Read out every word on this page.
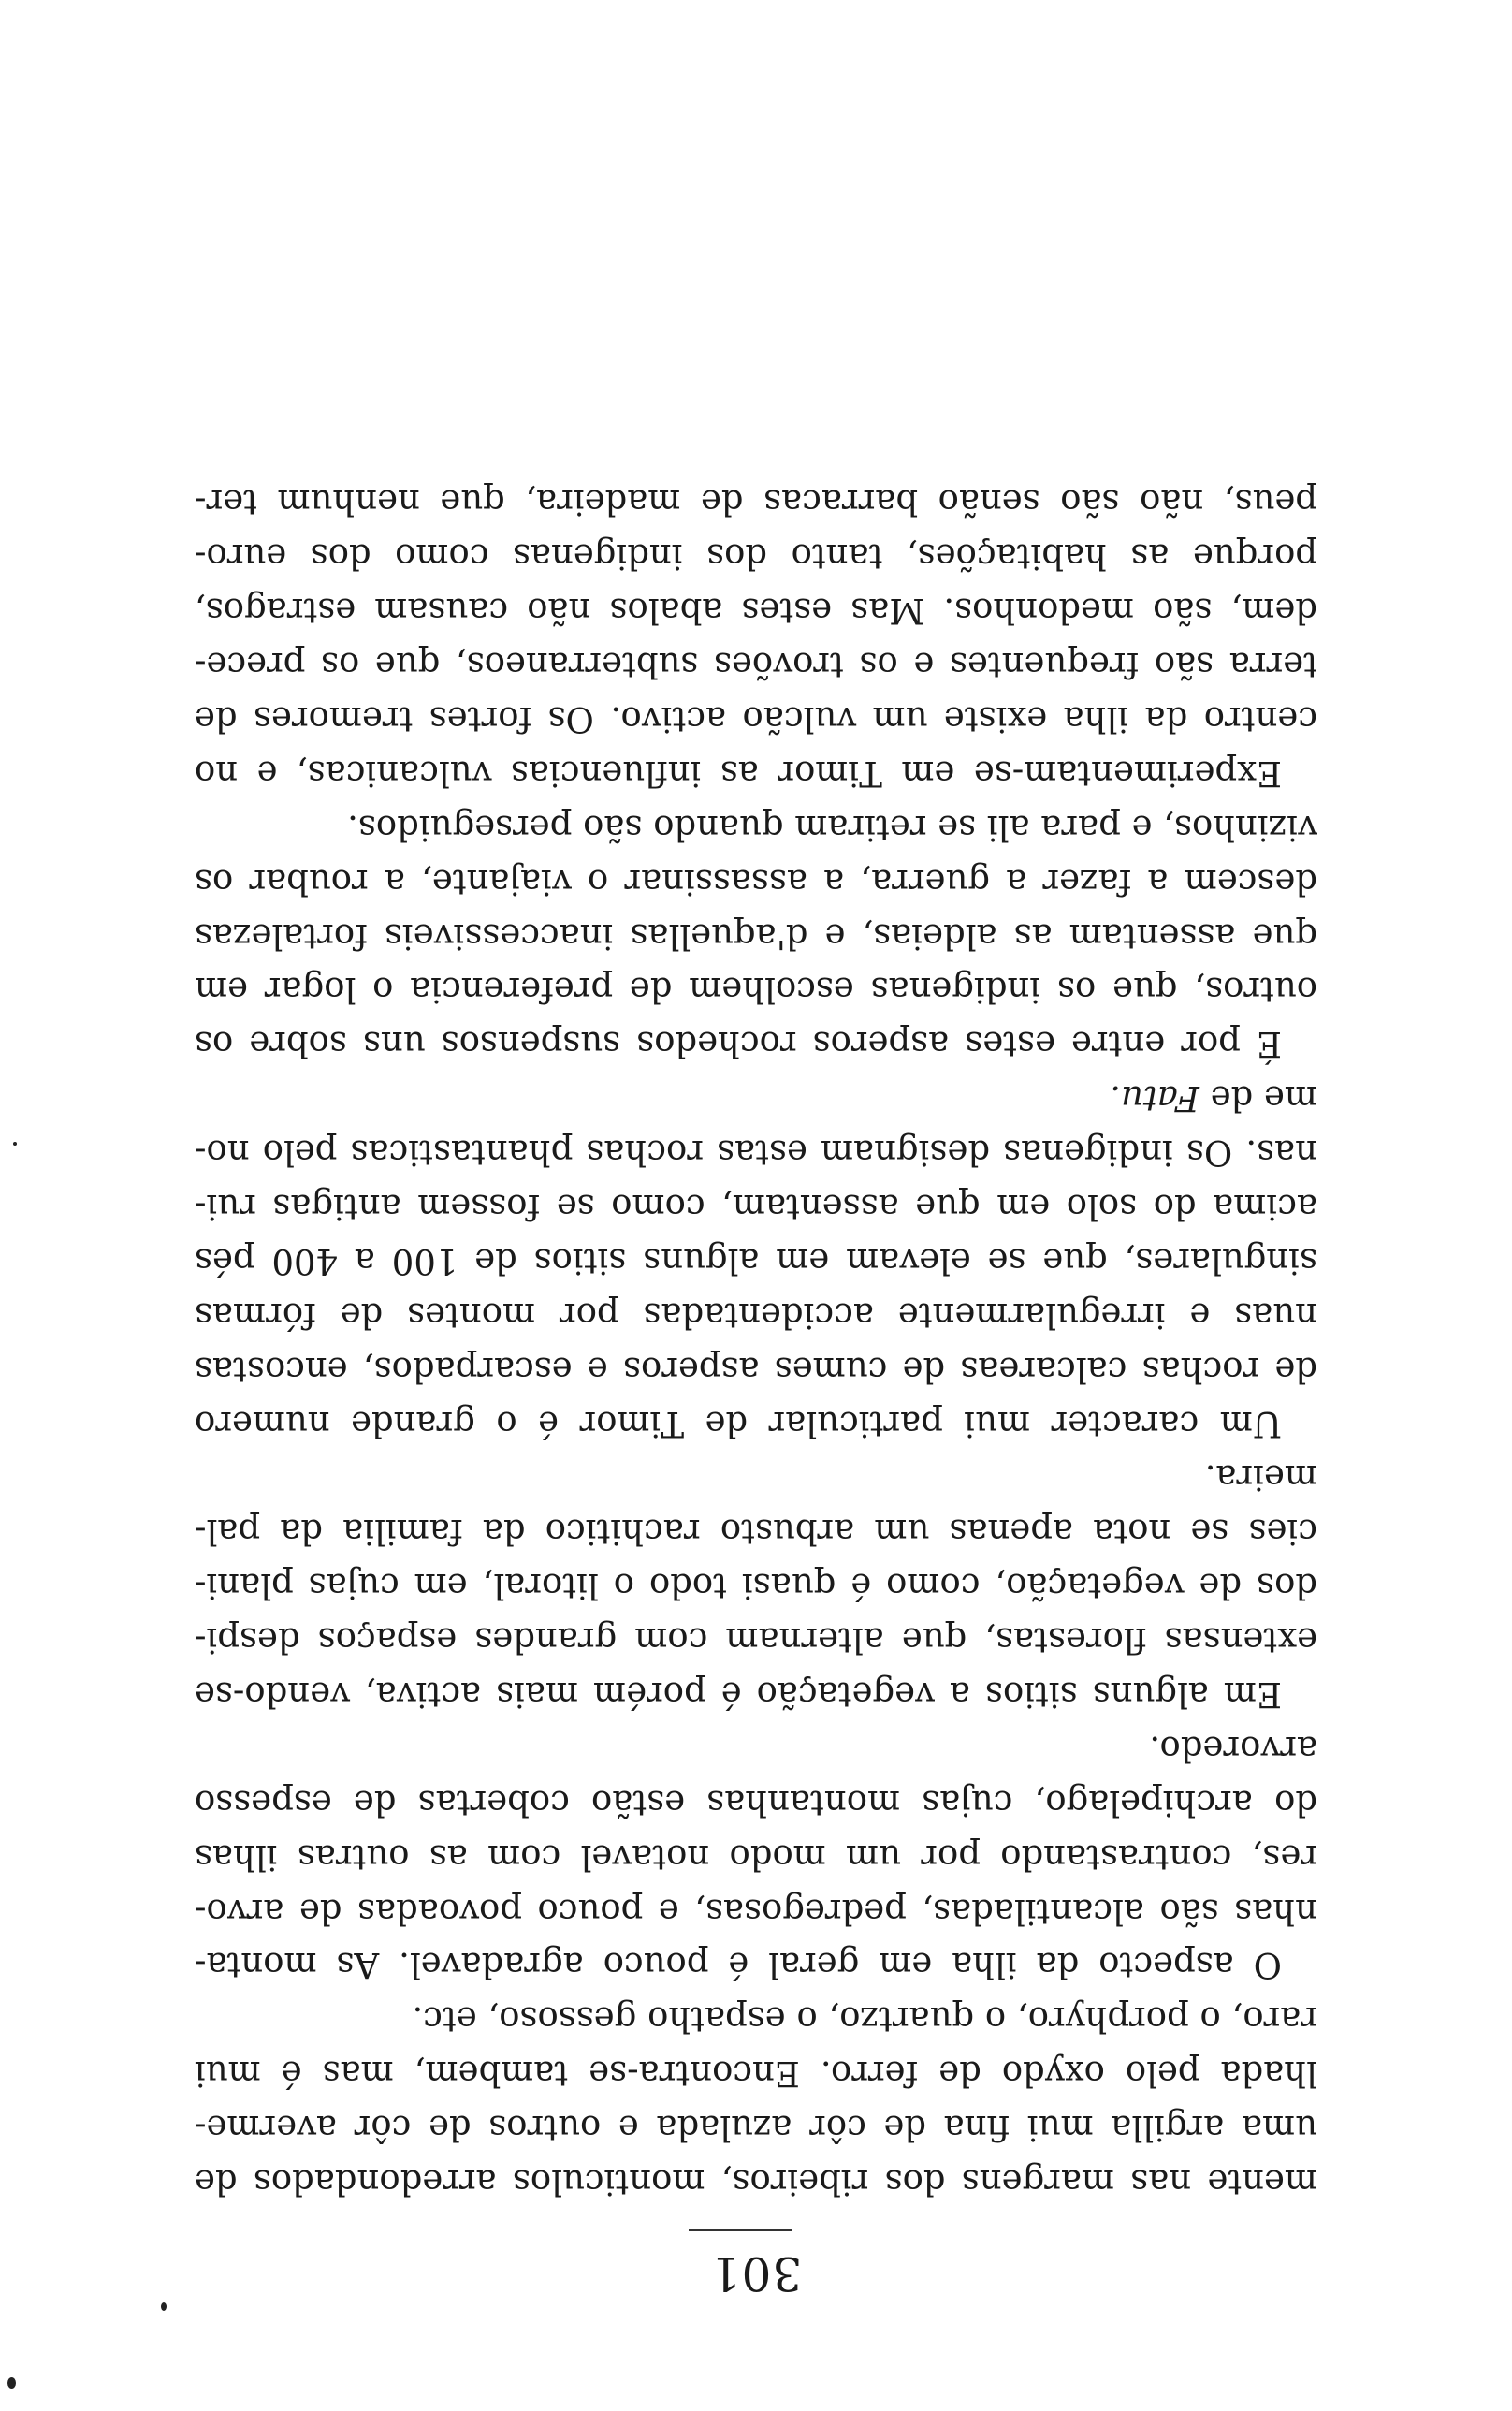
301
mente nas margens dos ribeiros, monticulos arredondados de
uma argilla mui fina de côr azulada e outros de côr averme-
lhada pelo oxydo de ferro. Encontra-se tambem, mas é mui
raro, o porphyro, o quartzo, o espatho gessoso, etc.
O aspecto da ilha em geral é pouco agradavel. As monta-
nhas são alcantiladas, pedregosas, e pouco povoadas de arvo-
res, contrastando por um modo notavel com as outras ilhas
do archipelago, cujas montanhas estão cobertas de espesso
arvoredo.
Em alguns sitios a vegetação é porém mais activa, vendo-se
extensas florestas, que alternam com grandes espaços despi-
dos de vegetação, como é quasi todo o litoral, em cujas plani-
cies se nota apenas um arbusto rachitico da familia da pal-
meira.
Um caracter mui particular de Timor é o grande numero
de rochas calcareas de cumes asperos e escarpados, encostas
nuas e irregularmente accidentadas por montes de fórmas
singulares, que se elevam em alguns sitios de 100 a 400 pés
acima do solo em que assentam, como se fossem antigas rui-
nas. Os indigenas designam estas rochas phantasticas pelo no-
me de Fatu.
É por entre estes asperos rochedos suspensos uns sobre os
outros, que os indigenas escolhem de preferencia o logar em
que assentam as aldeias, e d'aquellas inaccessiveis fortalezas
descem a fazer a guerra, a assassinar o viajante, a roubar os
vizinhos, e para ali se retiram quando são perseguidos.
Experimentam-se em Timor as influencias vulcanicas, e no
centro da ilha existe um vulcão activo. Os fortes tremores de
terra são frequentes e os trovões subterraneos, que os prece-
dem, são medonhos. Mas estes abalos não causam estragos,
porque as habitações, tanto dos indigenas como dos euro-
peus, não são senão barracas de madeira, que nenhum ter-
